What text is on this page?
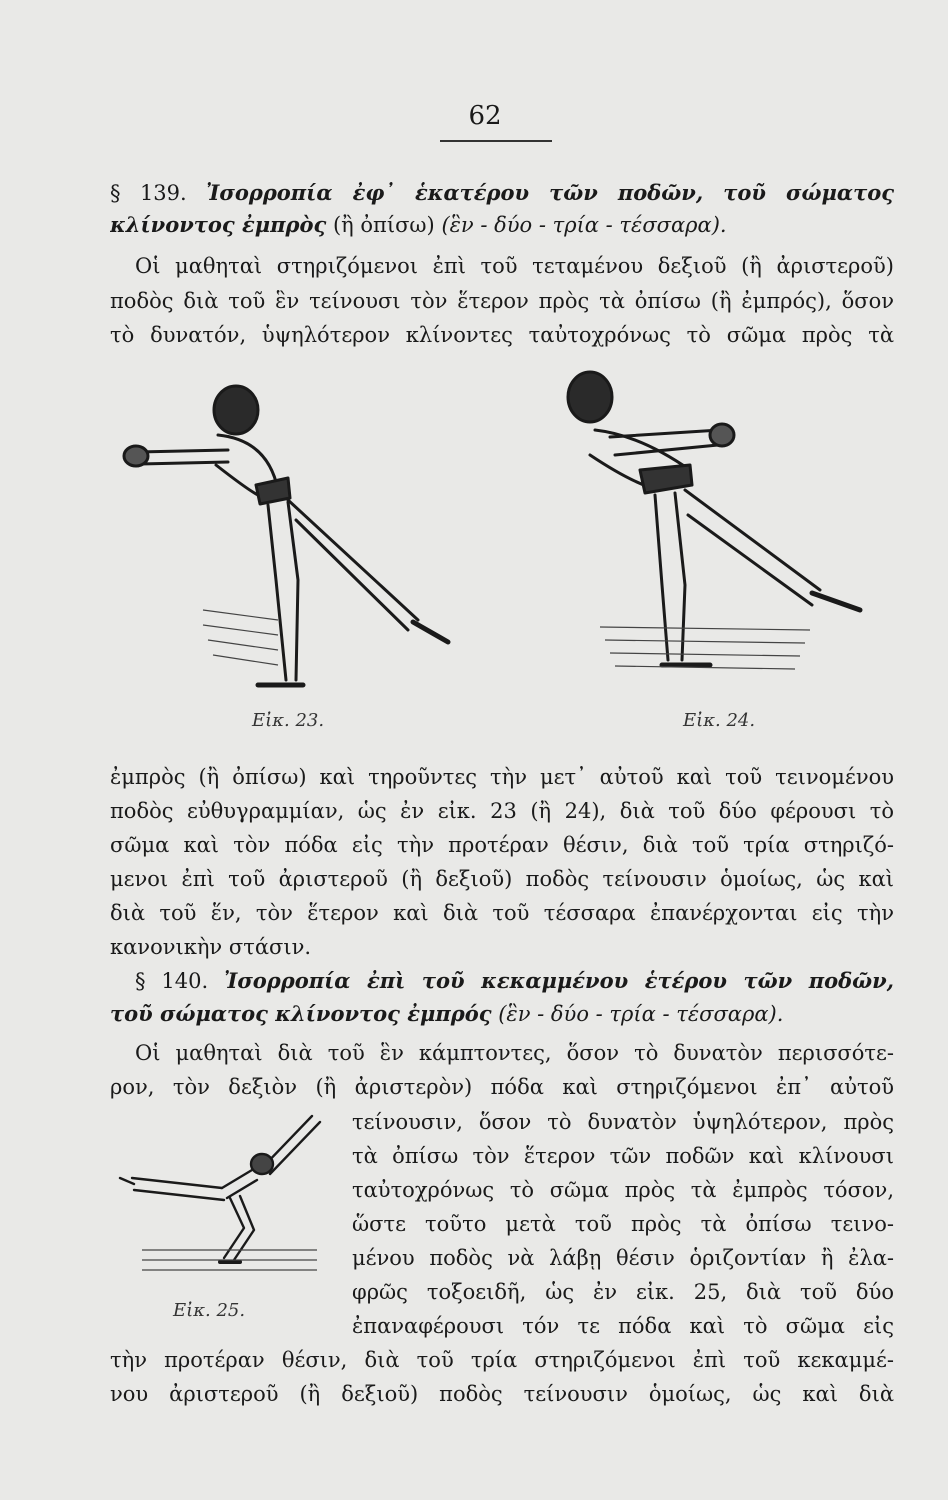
62
§ 139. Ἰσορροπία ἐφ᾽ ἑκατέρου τῶν ποδῶν, τοῦ σώματος
κλίνοντος ἐμπρὸς (ἢ ὀπίσω) (ἓν - δύο - τρία - τέσσαρα).
Οἱ μαθηταὶ στηριζόμενοι ἐπὶ τοῦ τεταμένου δεξιοῦ (ἢ ἀριστεροῦ)
ποδὸς διὰ τοῦ ἓν τείνουσι τὸν ἕτερον πρὸς τὰ ὀπίσω (ἢ ἐμπρός), ὅσον
τὸ δυνατόν, ὑψηλότερον κλίνοντες ταὐτοχρόνως τὸ σῶμα πρὸς τὰ
Εἰκ. 23.	Εἰκ. 24.
ἐμπρὸς (ἢ ὀπίσω) καὶ τηροῦντες τὴν μετ᾽ αὐτοῦ καὶ τοῦ τεινομένου
ποδὸς εὐθυγραμμίαν, ὡς ἐν εἰκ. 23 (ἢ 24), διὰ τοῦ δύο φέρουσι τὸ
σῶμα καὶ τὸν πόδα εἰς τὴν προτέραν θέσιν, διὰ τοῦ τρία στηριζό-
μενοι ἐπὶ τοῦ ἀριστεροῦ (ἢ δεξιοῦ) ποδὸς τείνουσιν ὁμοίως, ὡς καὶ
διὰ τοῦ ἕν, τὸν ἕτερον καὶ διὰ τοῦ τέσσαρα ἐπανέρχονται εἰς τὴν
κανονικὴν στάσιν.
§ 140. Ἰσορροπία ἐπὶ τοῦ κεκαμμένου ἑτέρου τῶν ποδῶν,
τοῦ σώματος κλίνοντος ἐμπρός (ἓν - δύο - τρία - τέσσαρα).
Οἱ μαθηταὶ διὰ τοῦ ἓν κάμπτοντες, ὅσον τὸ δυνατὸν περισσότε-
ρον, τὸν δεξιὸν (ἢ ἀριστερὸν) πόδα καὶ στηριζόμενοι ἐπ᾽ αὐτοῦ
Εἰκ. 25.
τείνουσιν, ὅσον τὸ δυνατὸν ὑψηλότερον, πρὸς
τὰ ὀπίσω τὸν ἕτερον τῶν ποδῶν καὶ κλίνουσι
ταὐτοχρόνως τὸ σῶμα πρὸς τὰ ἐμπρὸς τόσον,
ὥστε τοῦτο μετὰ τοῦ πρὸς τὰ ὀπίσω τεινο-
μένου ποδὸς νὰ λάβῃ θέσιν ὁριζοντίαν ἢ ἐλα-
φρῶς τοξοειδῆ, ὡς ἐν εἰκ. 25, διὰ τοῦ δύο
ἐπαναφέρουσι τόν τε πόδα καὶ τὸ σῶμα εἰς
τὴν προτέραν θέσιν, διὰ τοῦ τρία στηριζόμενοι ἐπὶ τοῦ κεκαμμέ-
νου ἀριστεροῦ (ἢ δεξιοῦ) ποδὸς τείνουσιν ὁμοίως, ὡς καὶ διὰ
